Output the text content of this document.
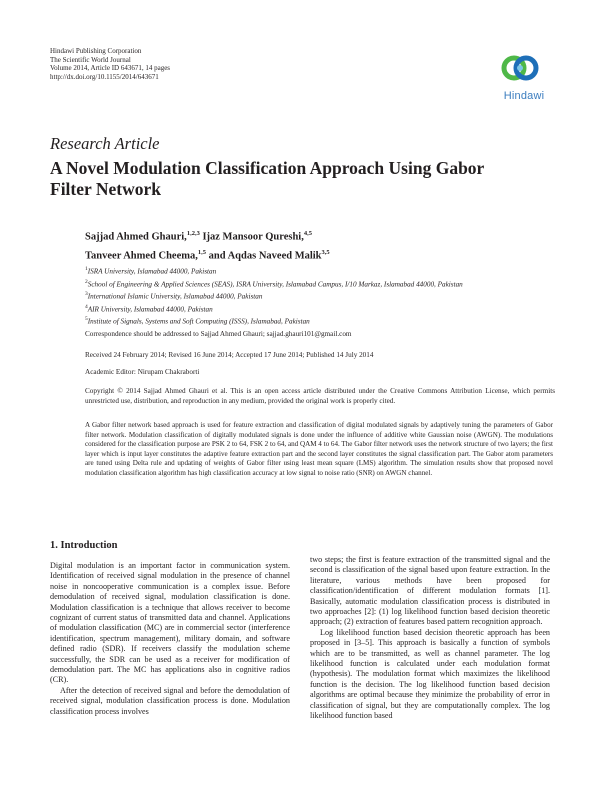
Hindawi Publishing Corporation
The Scientific World Journal
Volume 2014, Article ID 643671, 14 pages
http://dx.doi.org/10.1155/2014/643671
Hindawi
Research Article
A Novel Modulation Classification Approach Using Gabor Filter Network
Sajjad Ahmed Ghauri,$^{1,2,3}$ Ijaz Mansoor Qureshi,$^{4,5}$
Tanveer Ahmed Cheema,$^{1,5}$ and Aqdas Naveed Malik$^{3,5}$
$^1$ISRA University, Islamabad 44000, Pakistan
$^2$School of Engineering & Applied Sciences (SEAS), ISRA University, Islamabad Campus, I/10 Markaz, Islamabad 44000, Pakistan
$^3$International Islamic University, Islamabad 44000, Pakistan
$^4$AIR University, Islamabad 44000, Pakistan
$^5$Institute of Signals, Systems and Soft Computing (ISSS), Islamabad, Pakistan
Correspondence should be addressed to Sajjad Ahmed Ghauri; sajjad.ghauri101@gmail.com
Received 24 February 2014; Revised 16 June 2014; Accepted 17 June 2014; Published 14 July 2014
Academic Editor: Nirupam Chakraborti
Copyright © 2014 Sajjad Ahmed Ghauri et al. This is an open access article distributed under the Creative Commons Attribution License, which permits unrestricted use, distribution, and reproduction in any medium, provided the original work is properly cited.
A Gabor filter network based approach is used for feature extraction and classification of digital modulated signals by adaptively tuning the parameters of Gabor filter network. Modulation classification of digitally modulated signals is done under the influence of additive white Gaussian noise (AWGN). The modulations considered for the classification purpose are PSK 2 to 64, FSK 2 to 64, and QAM 4 to 64. The Gabor filter network uses the network structure of two layers; the first layer which is input layer constitutes the adaptive feature extraction part and the second layer constitutes the signal classification part. The Gabor atom parameters are tuned using Delta rule and updating of weights of Gabor filter using least mean square (LMS) algorithm. The simulation results show that proposed novel modulation classification algorithm has high classification accuracy at low signal to noise ratio (SNR) on AWGN channel.
1. Introduction

Digital modulation is an important factor in communication system. Identification of received signal modulation in the presence of channel noise in noncooperative communication is a complex issue. Before demodulation of received signal, modulation classification is done. Modulation classification is a technique that allows receiver to become cognizant of current status of transmitted data and channel. Applications of modulation classification (MC) are in commercial sector (interference identification, spectrum management), military domain, and software defined radio (SDR). If receivers classify the modulation scheme successfully, the SDR can be used as a receiver for modification of demodulation part. The MC has applications also in cognitive radios (CR).

After the detection of received signal and before the demodulation of received signal, modulation classification process is done. Modulation classification process involves

two steps; the first is feature extraction of the transmitted signal and the second is classification of the signal based upon feature extraction. In the literature, various methods have been proposed for classification/identification of different modulation formats [1]. Basically, automatic modulation classification process is distributed in two approaches [2]: (1) log likelihood function based decision theoretic approach; (2) extraction of features based pattern recognition approach.

Log likelihood function based decision theoretic approach has been proposed in [3–5]. This approach is basically a function of symbols which are to be transmitted, as well as channel parameter. The log likelihood function is calculated under each modulation format (hypothesis). The modulation format which maximizes the likelihood function is the decision. The log likelihood function based decision algorithms are optimal because they minimize the probability of error in classification of signal, but they are computationally complex. The log likelihood function based
